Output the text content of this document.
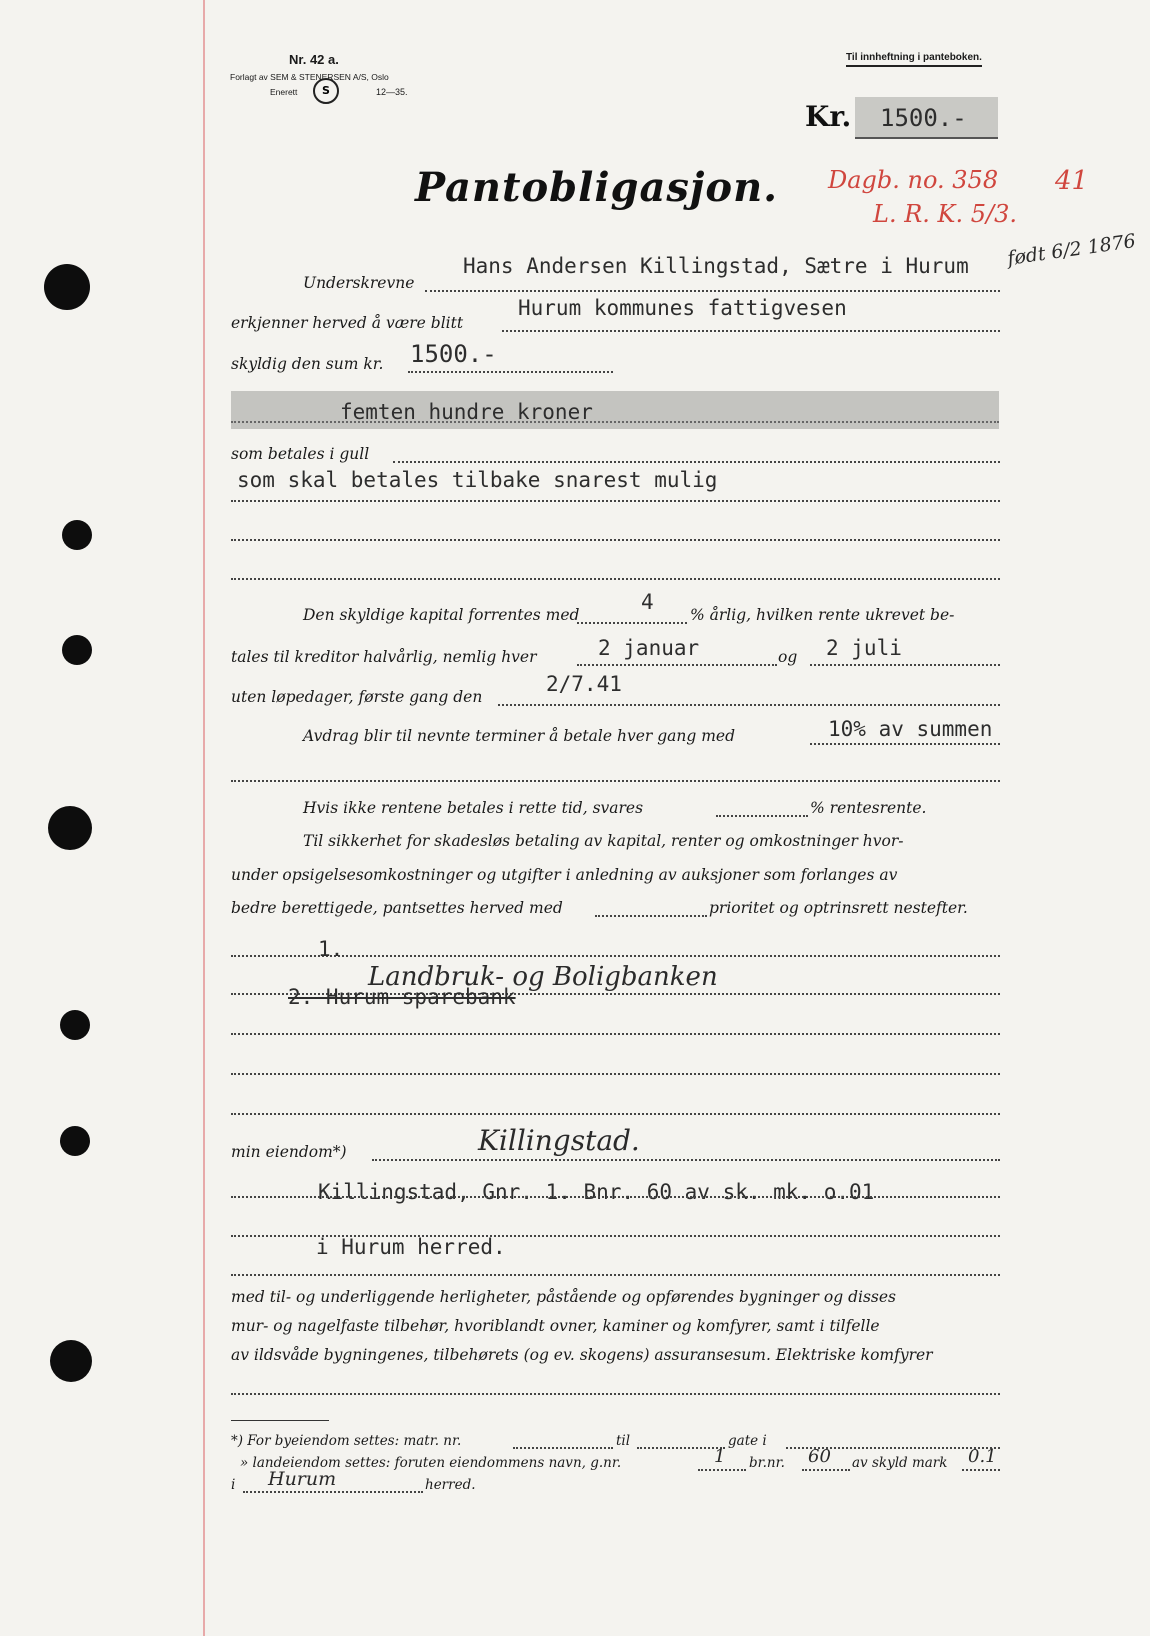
Nr. 42 a.
Forlagt av SEM & STENERSEN A/S, Oslo
Enerett	S	12—35.
Til innheftning i panteboken.
Kr. 1500.-
Pantobligasjon. Dagb. no. 358 41
L. R. K. 5/3.
Underskrevne
Hans Andersen Killingstad, Sætre i Hurum født 6/2 1876
erkjenner herved å være blitt
Hurum kommunes fattigvesen
skyldig den sum kr. 1500.-
femten hundre kroner
som betales i gull
som skal betales tilbake snarest mulig
Den skyldige kapital forrentes med
4
% årlig, hvilken rente ukrevet be-
tales til kreditor halvårlig, nemlig hver	2 januar	og 2 juli
uten løpedager, første gang den
2/7.41
Avdrag blir til nevnte terminer å betale hver gang med	10% av summen
Hvis ikke rentene betales i rette tid, svares	% rentesrente.
Til sikkerhet for skadesløs betaling av kapital, renter og omkostninger hvor-
under opsigelsesomkostninger og utgifter i anledning av auksjoner som forlanges av
bedre berettigede, pantsettes herved med	prioritet og optrinsrett nestefter.
1.
2. Hurum sparebank
Landbruk- og Boligbanken
min eiendom*)	Killingstad.
Killingstad, Gnr. 1. Bnr. 60 av sk. mk. o.01
i Hurum herred.
med til- og underliggende herligheter, påstående og opførendes bygninger og disses
mur- og nagelfaste tilbehør, hvoriblandt ovner, kaminer og komfyrer, samt i tilfelle
av ildsvåde bygningenes, tilbehørets (og ev. skogens) assuransesum. Elektriske komfyrer
*) For byeiendom settes: matr. nr.	til	gate i
» landeiendom settes: foruten eiendommens navn, g.nr.	1 br.nr. 60 av skyld mark 0.1
i Hurum	herred.
